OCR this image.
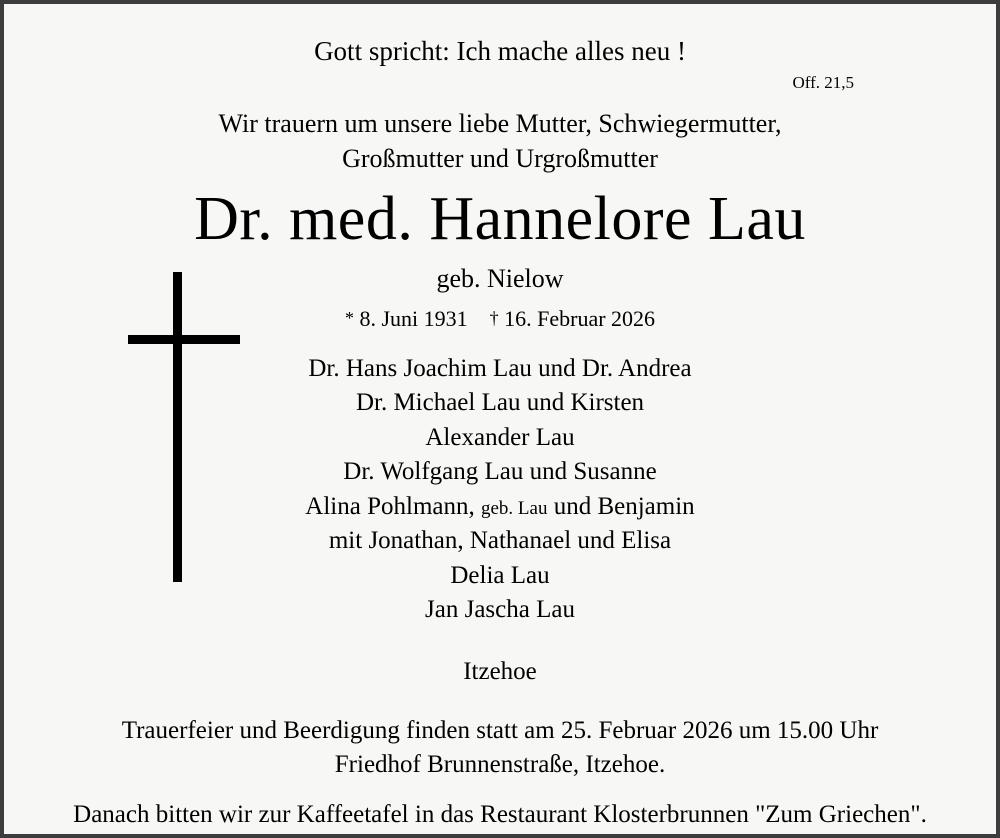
Gott spricht: Ich mache alles neu !
Off. 21,5
Wir trauern um unsere liebe Mutter, Schwiegermutter,
Großmutter und Urgroßmutter
Dr. med. Hannelore Lau
geb. Nielow
* 8. Juni 1931 † 16. Februar 2026
Dr. Hans Joachim Lau und Dr. Andrea
Dr. Michael Lau und Kirsten
Alexander Lau
Dr. Wolfgang Lau und Susanne
Alina Pohlmann, geb. Lau und Benjamin
mit Jonathan, Nathanael und Elisa
Delia Lau
Jan Jascha Lau
Itzehoe
Trauerfeier und Beerdigung finden statt am 25. Februar 2026 um 15.00 Uhr
Friedhof Brunnenstraße, Itzehoe.
Danach bitten wir zur Kaffeetafel in das Restaurant Klosterbrunnen "Zum Griechen".
